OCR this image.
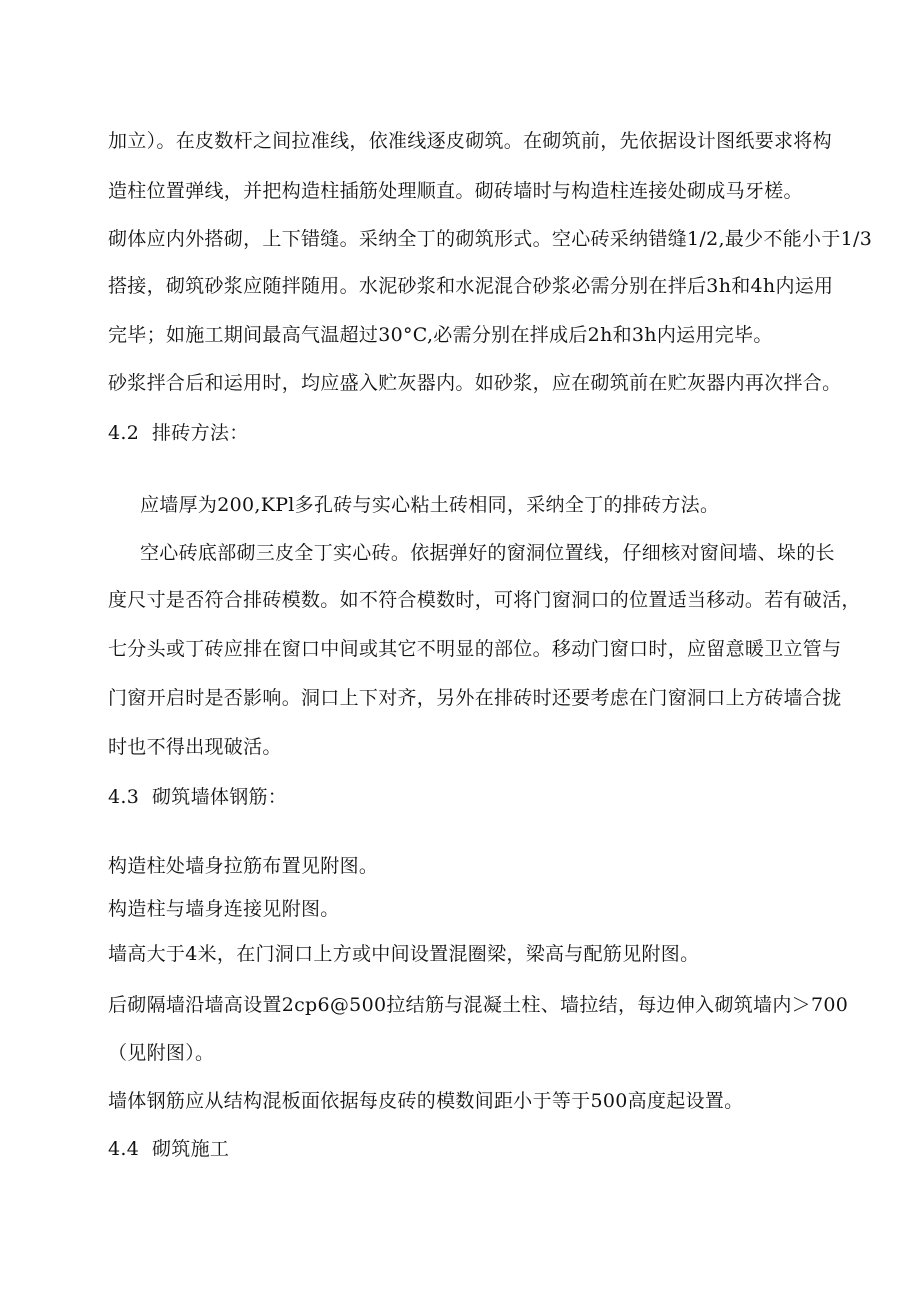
加立）。在皮数杆之间拉准线，依准线逐皮砌筑。在砌筑前，先依据设计图纸要求将构
造柱位置弹线，并把构造柱插筋处理顺直。砌砖墙时与构造柱连接处砌成马牙槎。
砌体应内外搭砌，上下错缝。采纳全丁的砌筑形式。空心砖采纳错缝1/2,最少不能小于1/3
搭接，砌筑砂浆应随拌随用。水泥砂浆和水泥混合砂浆必需分别在拌后3h和4h内运用
完毕；如施工期间最高气温超过30°C,必需分别在拌成后2h和3h内运用完毕。
砂浆拌合后和运用时，均应盛入贮灰器内。如砂浆，应在砌筑前在贮灰器内再次拌合。
4.2 排砖方法：
应墙厚为200,KPl多孔砖与实心粘土砖相同，采纳全丁的排砖方法。
空心砖底部砌三皮全丁实心砖。依据弹好的窗洞位置线，仔细核对窗间墙、垛的长
度尺寸是否符合排砖模数。如不符合模数时，可将门窗洞口的位置适当移动。若有破活，
七分头或丁砖应排在窗口中间或其它不明显的部位。移动门窗口时，应留意暖卫立管与
门窗开启时是否影响。洞口上下对齐，另外在排砖时还要考虑在门窗洞口上方砖墙合拢
时也不得出现破活。
4.3 砌筑墙体钢筋：
构造柱处墙身拉筋布置见附图。
构造柱与墙身连接见附图。
墙高大于4米，在门洞口上方或中间设置混圈梁，梁高与配筋见附图。
后砌隔墙沿墙高设置2cp6@500拉结筋与混凝土柱、墙拉结，每边伸入砌筑墙内＞700
（见附图）。
墙体钢筋应从结构混板面依据每皮砖的模数间距小于等于500高度起设置。
4.4 砌筑施工
